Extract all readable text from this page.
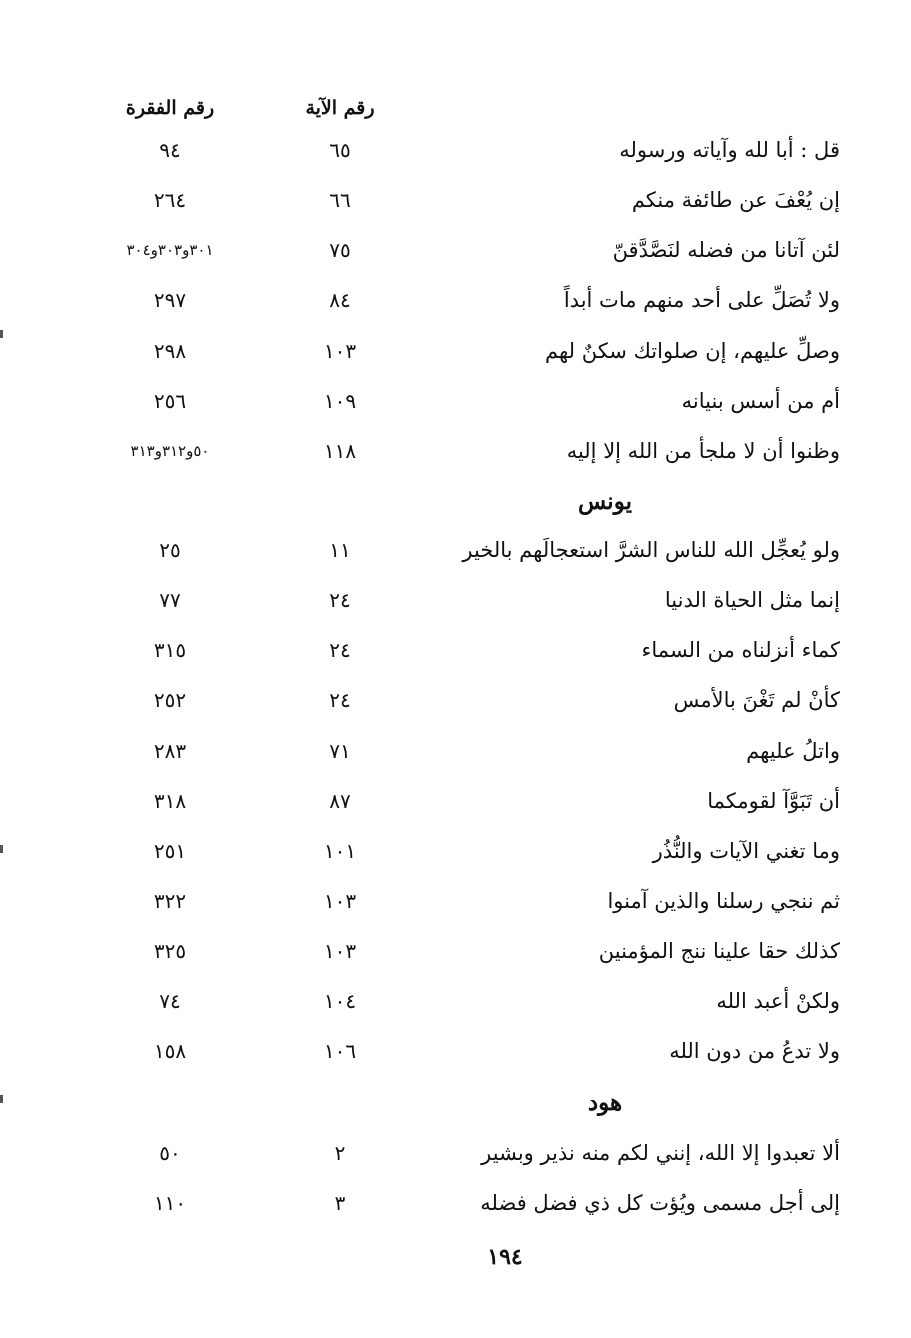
رقم الآية
رقم الفقرة
قل : أبا لله وآياته ورسوله
٦٥
٩٤
إن يُعْفَ عن طائفة منكم
٦٦
٢٦٤
لئن آتانا من فضله لنَصَّدَّقنّ
٧٥
٣٠١و٣٠٣و٣٠٤
ولا تُصَلِّ على أحد منهم مات أبداً
٨٤
٢٩٧
وصلِّ عليهم، إن صلواتك سكنٌ لهم
١٠٣
٢٩٨
أم من أسس بنيانه
١٠٩
٢٥٦
وظنوا أن لا ملجأ من الله إلا إليه
١١٨
٥٠و٣١٢و٣١٣
يونس
ولو يُعجِّل الله للناس الشرَّ استعجالَهم بالخير
١١
٢٥
إنما مثل الحياة الدنيا
٢٤
٧٧
كماء أنزلناه من السماء
٢٤
٣١٥
كأنْ لم تَغْنَ بالأمس
٢٤
٢٥٢
واتلُ عليهم
٧١
٢٨٣
أن تَبَوَّآ لقومكما
٨٧
٣١٨
وما تغني الآيات والنُّذُر
١٠١
٢٥١
ثم ننجي رسلنا والذين آمنوا
١٠٣
٣٢٢
كذلك حقا علينا ننج المؤمنين
١٠٣
٣٢٥
ولكنْ أعبد الله
١٠٤
٧٤
ولا تدعُ من دون الله
١٠٦
١٥٨
هود
ألا تعبدوا إلا الله، إنني لكم منه نذير وبشير
٢
٥٠
إلى أجل مسمى ويُؤت كل ذي فضل فضله
٣
١١٠
١٩٤
